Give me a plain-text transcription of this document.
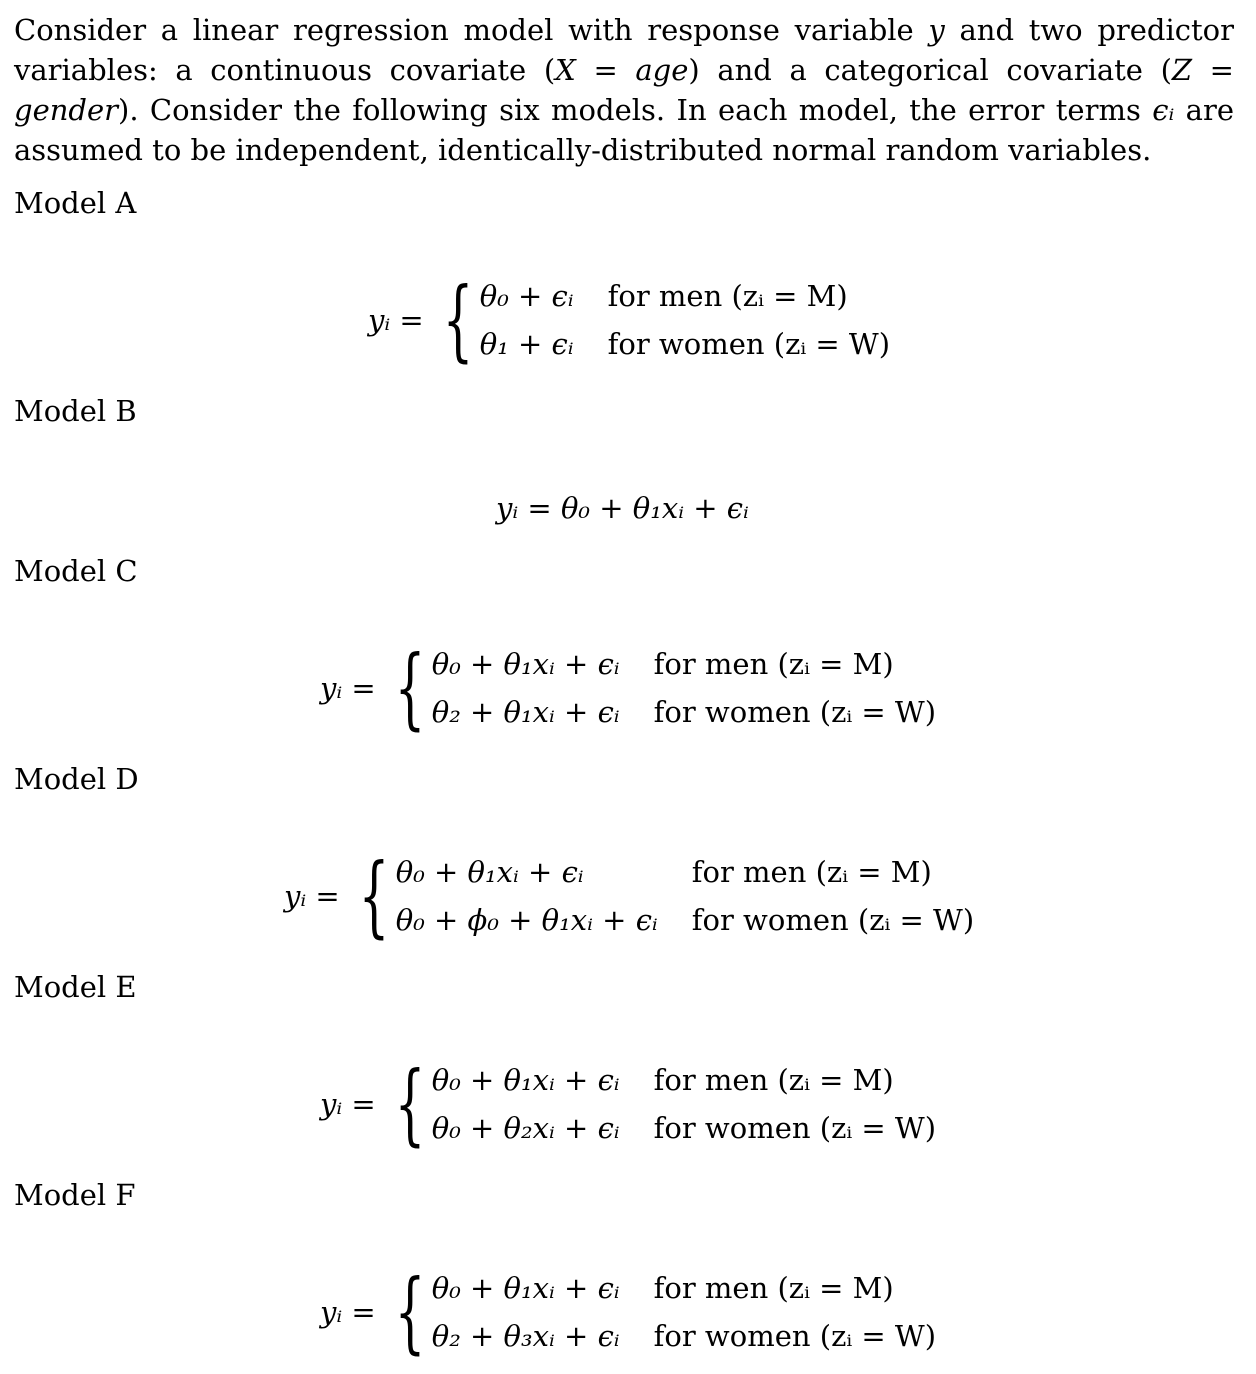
Consider a linear regression model with response variable y and two predictor variables: a continuous covariate (X = age) and a categorical covariate (Z = gender). Consider the following six models. In each model, the error terms ϵᵢ are assumed to be independent, identically-distributed normal random variables.

Model A
yᵢ = { θ₀ + ϵᵢ for men (zᵢ = M)
θ₁ + ϵᵢ for women (zᵢ = W)
Model B
yᵢ = θ₀ + θ₁xᵢ + ϵᵢ
Model C
yᵢ = { θ₀ + θ₁xᵢ + ϵᵢ for men (zᵢ = M)
θ₂ + θ₁xᵢ + ϵᵢ for women (zᵢ = W)
Model D
yᵢ = { θ₀ + θ₁xᵢ + ϵᵢ	for men (zᵢ = M)
θ₀ + ϕ₀ + θ₁xᵢ + ϵᵢ for women (zᵢ = W)
Model E
yᵢ = { θ₀ + θ₁xᵢ + ϵᵢ for men (zᵢ = M)
θ₀ + θ₂xᵢ + ϵᵢ for women (zᵢ = W)
Model F
yᵢ = { θ₀ + θ₁xᵢ + ϵᵢ for men (zᵢ = M)
θ₂ + θ₃xᵢ + ϵᵢ for women (zᵢ = W)
